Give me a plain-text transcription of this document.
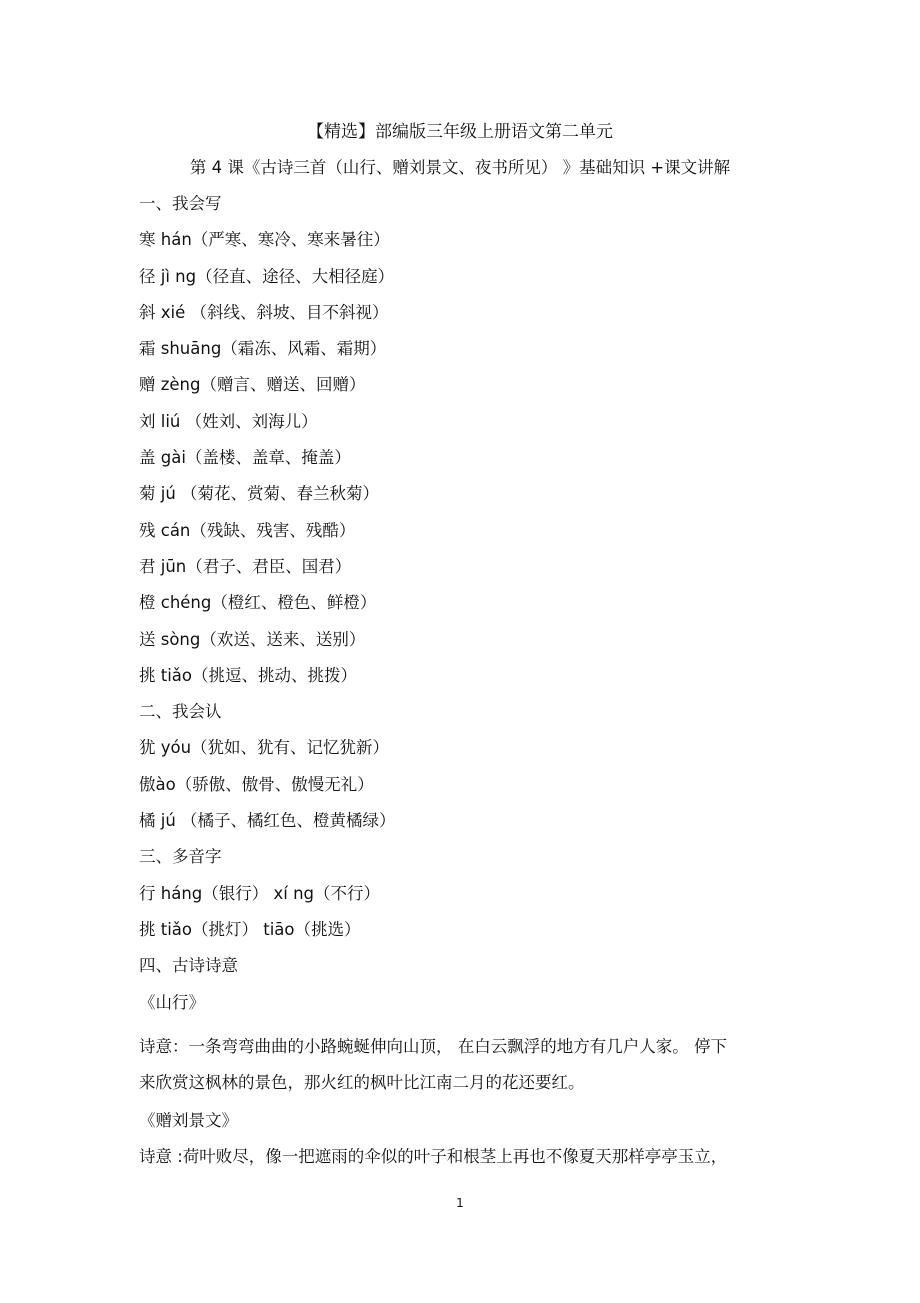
【精选】部编版三年级上册语文第二单元
第 4 课《古诗三首（山行、赠刘景文、夜书所见） 》基础知识 +课文讲解
一、我会写
寒 hán（严寒、寒冷、寒来暑往）
径 jì ng（径直、途径、大相径庭）
斜 xié （斜线、斜坡、目不斜视）
霜 shuāng（霜冻、风霜、霜期）
赠 zèng（赠言、赠送、回赠）
刘 liú （姓刘、刘海儿）
盖 gài（盖楼、盖章、掩盖）
菊 jú （菊花、赏菊、春兰秋菊）
残 cán（残缺、残害、残酷）
君 jūn（君子、君臣、国君）
橙 chéng（橙红、橙色、鲜橙）
送 sòng（欢送、送来、送别）
挑 tiǎo（挑逗、挑动、挑拨）
二、我会认
犹 yóu（犹如、犹有、记忆犹新）
傲ào（骄傲、傲骨、傲慢无礼）
橘 jú （橘子、橘红色、橙黄橘绿）
三、多音字
行 háng（银行） xí ng（不行）
挑 tiǎo（挑灯） tiāo（挑选）
四、古诗诗意
《山行》
诗意：一条弯弯曲曲的小路蜿蜒伸向山顶， 在白云飘浮的地方有几户人家。 停下
来欣赏这枫林的景色，那火红的枫叶比江南二月的花还要红。
《赠刘景文》
诗意 :荷叶败尽，像一把遮雨的伞似的叶子和根茎上再也不像夏天那样亭亭玉立，
1
